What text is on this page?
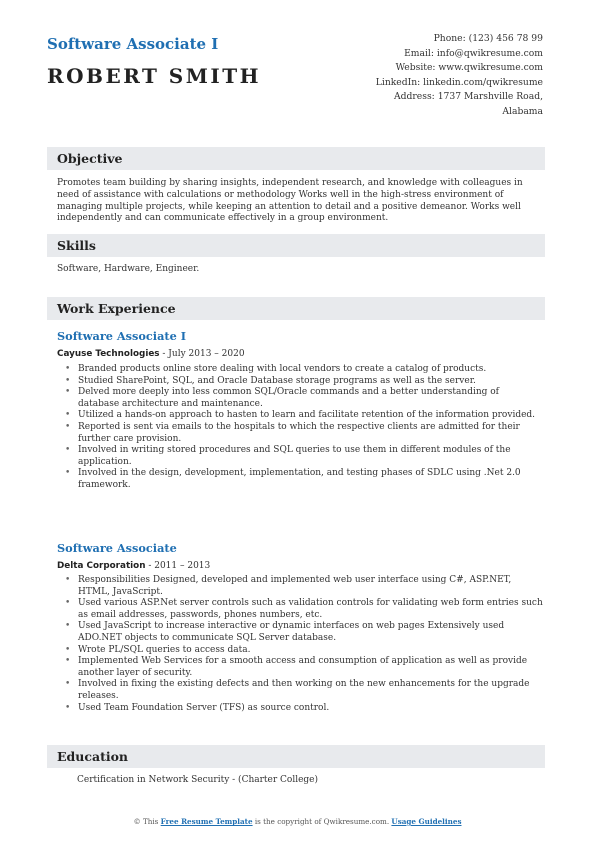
Software Associate I
ROBERT SMITH
Phone: (123) 456 78 99
Email: info@qwikresume.com
Website: www.qwikresume.com
LinkedIn: linkedin.com/qwikresume
Address: 1737 Marshville Road,
Alabama
Objective
Promotes team building by sharing insights, independent research, and knowledge with colleagues in need of assistance with calculations or methodology Works well in the high-stress environment of managing multiple projects, while keeping an attention to detail and a positive demeanor. Works well independently and can communicate effectively in a group environment.
Skills
Software, Hardware, Engineer.
Work Experience
Software Associate I
Cayuse Technologies - July 2013 – 2020
• Branded products online store dealing with local vendors to create a catalog of products.
• Studied SharePoint, SQL, and Oracle Database storage programs as well as the server.
• Delved more deeply into less common SQL/Oracle commands and a better understanding of database architecture and maintenance.
• Utilized a hands-on approach to hasten to learn and facilitate retention of the information provided.
• Reported is sent via emails to the hospitals to which the respective clients are admitted for their further care provision.
• Involved in writing stored procedures and SQL queries to use them in different modules of the application.
• Involved in the design, development, implementation, and testing phases of SDLC using .Net 2.0 framework.
Software Associate
Delta Corporation - 2011 – 2013
• Responsibilities Designed, developed and implemented web user interface using C#, ASP.NET, HTML, JavaScript.
• Used various ASP.Net server controls such as validation controls for validating web form entries such as email addresses, passwords, phones numbers, etc.
• Used JavaScript to increase interactive or dynamic interfaces on web pages Extensively used ADO.NET objects to communicate SQL Server database.
• Wrote PL/SQL queries to access data.
• Implemented Web Services for a smooth access and consumption of application as well as provide another layer of security.
• Involved in fixing the existing defects and then working on the new enhancements for the upgrade releases.
• Used Team Foundation Server (TFS) as source control.
Education
Certification in Network Security - (Charter College)
© This Free Resume Template is the copyright of Qwikresume.com. Usage Guidelines
